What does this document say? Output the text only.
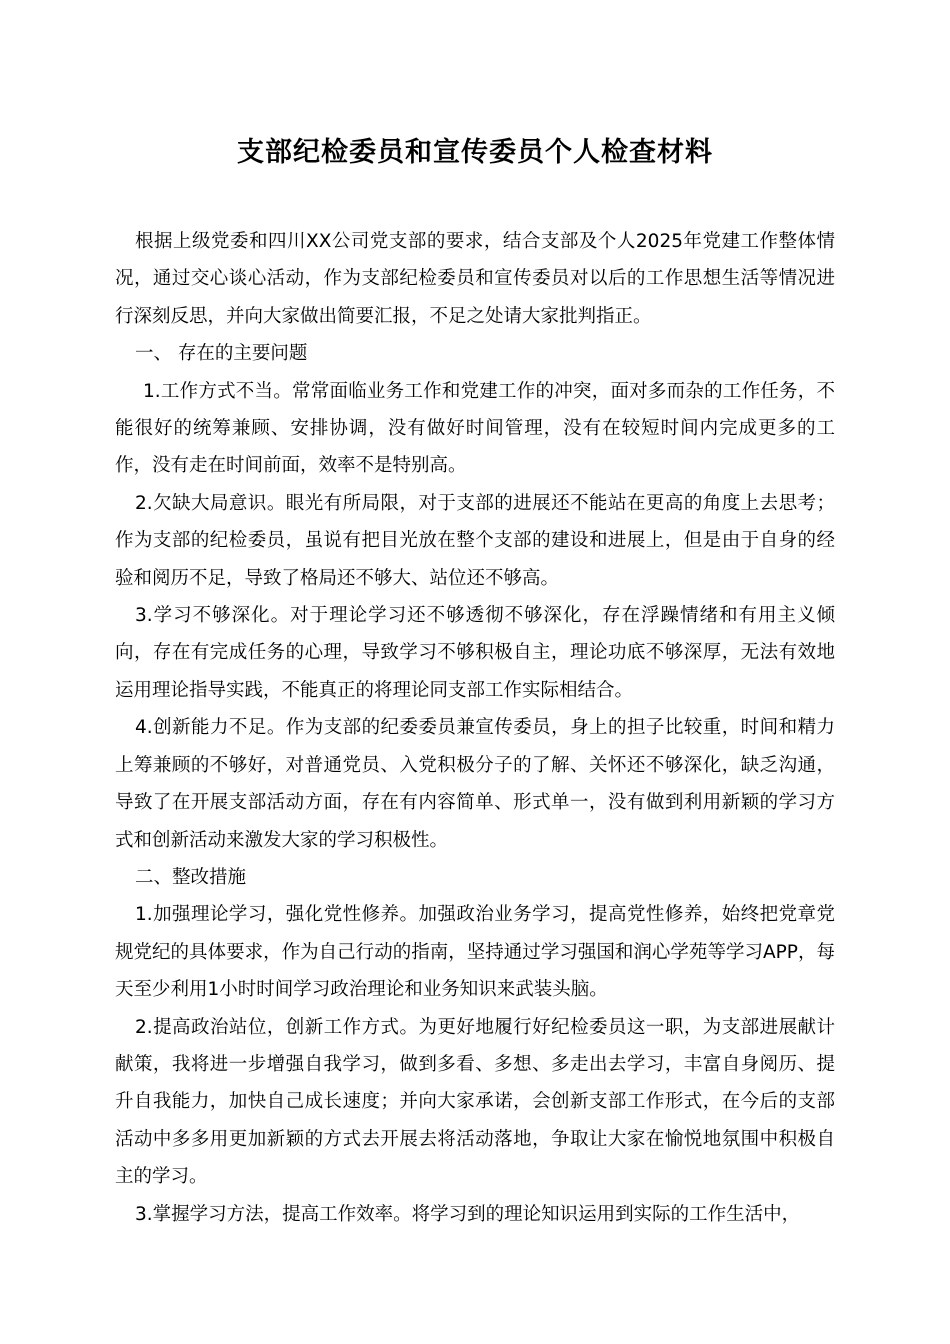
支部纪检委员和宣传委员个人检查材料

根据上级党委和四川XX公司党支部的要求，结合支部及个人2025年党建工作整体情况，通过交心谈心活动，作为支部纪检委员和宣传委员对以后的工作思想生活等情况进行深刻反思，并向大家做出简要汇报，不足之处请大家批判指正。

一、 存在的主要问题

1.工作方式不当。常常面临业务工作和党建工作的冲突，面对多而杂的工作任务，不能很好的统筹兼顾、安排协调，没有做好时间管理，没有在较短时间内完成更多的工作，没有走在时间前面，效率不是特别高。

2.欠缺大局意识。眼光有所局限，对于支部的进展还不能站在更高的角度上去思考；作为支部的纪检委员，虽说有把目光放在整个支部的建设和进展上，但是由于自身的经验和阅历不足，导致了格局还不够大、站位还不够高。

3.学习不够深化。对于理论学习还不够透彻不够深化，存在浮躁情绪和有用主义倾向，存在有完成任务的心理，导致学习不够积极自主，理论功底不够深厚，无法有效地运用理论指导实践，不能真正的将理论同支部工作实际相结合。

4.创新能力不足。作为支部的纪委委员兼宣传委员，身上的担子比较重，时间和精力上筹兼顾的不够好，对普通党员、入党积极分子的了解、关怀还不够深化，缺乏沟通，导致了在开展支部活动方面，存在有内容简单、形式单一，没有做到利用新颖的学习方式和创新活动来激发大家的学习积极性。

二、整改措施

1.加强理论学习，强化党性修养。加强政治业务学习，提高党性修养，始终把党章党规党纪的具体要求，作为自己行动的指南，坚持通过学习强国和润心学苑等学习APP，每天至少利用1小时时间学习政治理论和业务知识来武装头脑。

2.提高政治站位，创新工作方式。为更好地履行好纪检委员这一职，为支部进展献计献策，我将进一步增强自我学习，做到多看、多想、多走出去学习，丰富自身阅历、提升自我能力，加快自己成长速度；并向大家承诺，会创新支部工作形式，在今后的支部活动中多多用更加新颖的方式去开展去将活动落地，争取让大家在愉悦地氛围中积极自主的学习。

3.掌握学习方法，提高工作效率。将学习到的理论知识运用到实际的工作生活中，
